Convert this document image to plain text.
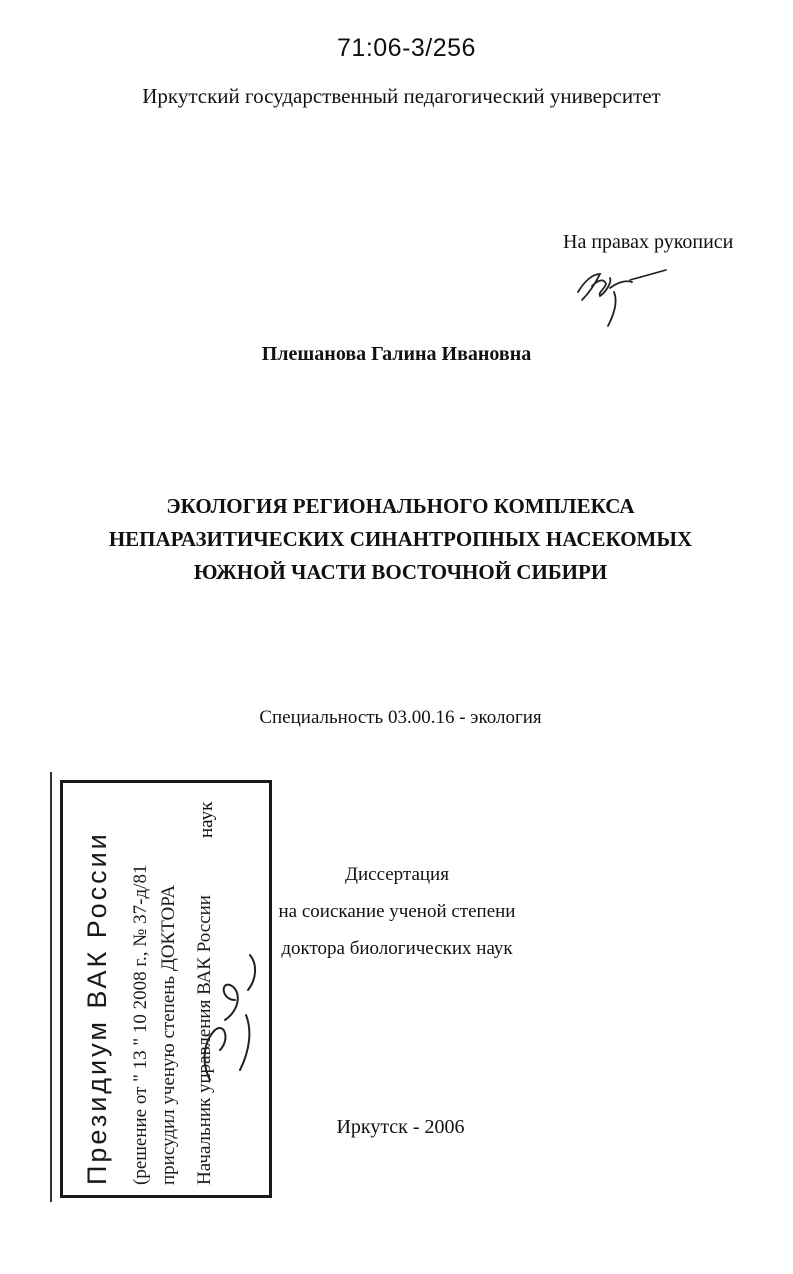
71:06-3/256
Иркутский государственный педагогический университет
На правах рукописи
Плешанова Галина Ивановна
ЭКОЛОГИЯ РЕГИОНАЛЬНОГО КОМПЛЕКСА
НЕПАРАЗИТИЧЕСКИХ СИНАНТРОПНЫХ НАСЕКОМЫХ
ЮЖНОЙ ЧАСТИ ВОСТОЧНОЙ СИБИРИ
Специальность 03.00.16 - экология
Диссертация
на соискание ученой степени
доктора биологических наук
Иркутск - 2006
Президиум ВАК России (решение от " 13 " 10 2008 г., № 37-д/81 присудил ученую степень ДОКТОРА
наук
Начальник управления ВАК России
